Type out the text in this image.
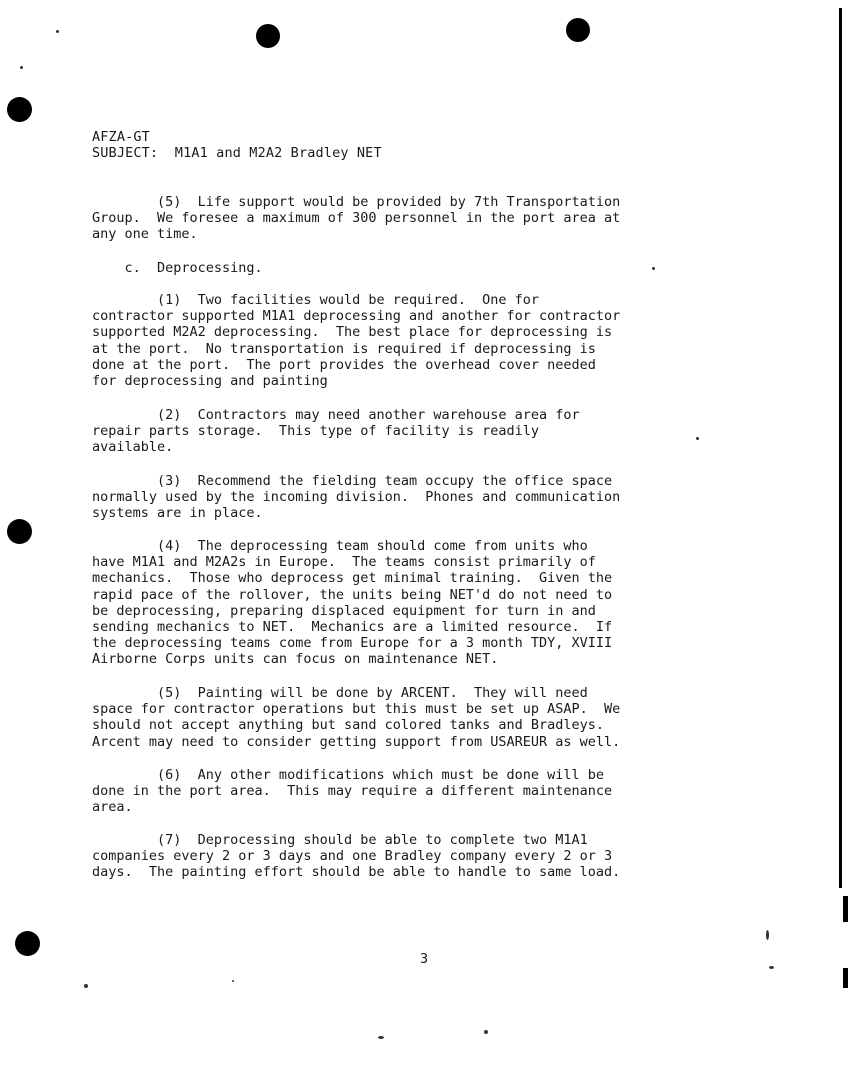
AFZA-GT
SUBJECT: M1A1 and M2A2 Bradley NET
(5)  Life support would be provided by 7th Transportation
Group.  We foresee a maximum of 300 personnel in the port area at
any one time.
c.  Deprocessing.
(1)  Two facilities would be required.  One for
contractor supported M1A1 deprocessing and another for contractor
supported M2A2 deprocessing.  The best place for deprocessing is
at the port.  No transportation is required if deprocessing is
done at the port.  The port provides the overhead cover needed
for deprocessing and painting
(2)  Contractors may need another warehouse area for
repair parts storage.  This type of facility is readily
available.
(3)  Recommend the fielding team occupy the office space
normally used by the incoming division.  Phones and communication
systems are in place.
(4)  The deprocessing team should come from units who
have M1A1 and M2A2s in Europe.  The teams consist primarily of
mechanics.  Those who deprocess get minimal training.  Given the
rapid pace of the rollover, the units being NET'd do not need to
be deprocessing, preparing displaced equipment for turn in and
sending mechanics to NET.  Mechanics are a limited resource.  If
the deprocessing teams come from Europe for a 3 month TDY, XVIII
Airborne Corps units can focus on maintenance NET.
(5)  Painting will be done by ARCENT.  They will need
space for contractor operations but this must be set up ASAP.  We
should not accept anything but sand colored tanks and Bradleys.
Arcent may need to consider getting support from USAREUR as well.
(6)  Any other modifications which must be done will be
done in the port area.  This may require a different maintenance
area.
(7)  Deprocessing should be able to complete two M1A1
companies every 2 or 3 days and one Bradley company every 2 or 3
days.  The painting effort should be able to handle to same load.
3
